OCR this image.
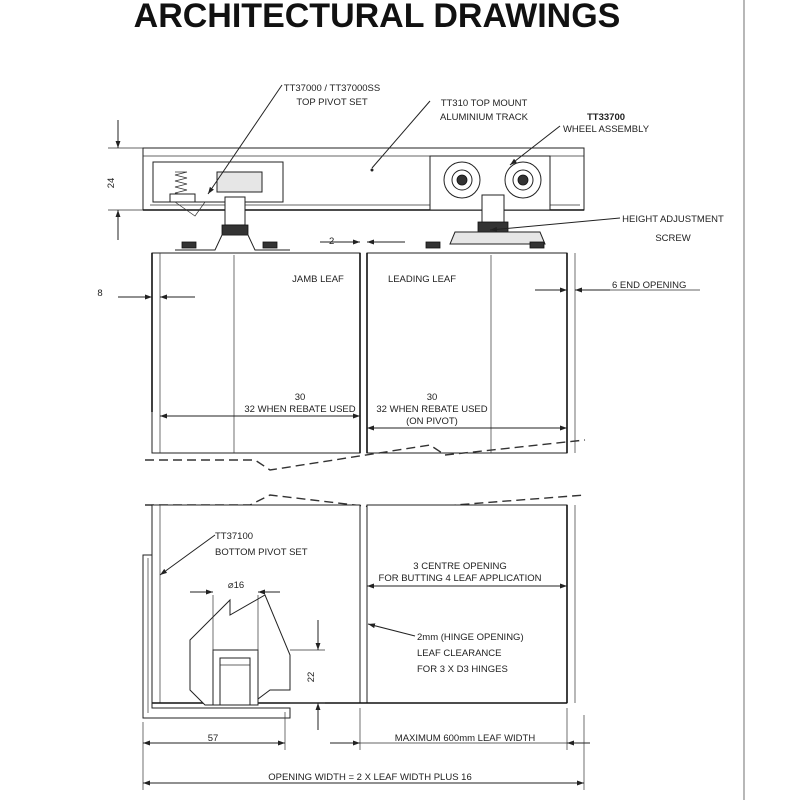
ARCHITECTURAL DRAWINGS
24
8
2
6 END OPENING
30
32 WHEN REBATE USED
30
32 WHEN REBATE USED
(ON PIVOT)
3 CENTRE OPENING
FOR BUTTING 4 LEAF APPLICATION
⌀16
22
57	MAXIMUM 600mm LEAF WIDTH
OPENING WIDTH = 2 X LEAF WIDTH PLUS 16
TT37000 / TT37000SS
TOP PIVOT SET	TT310 TOP MOUNT
ALUMINIUM TRACK	TT33700
WHEEL ASSEMBLY
HEIGHT ADJUSTMENT
SCREW
JAMB LEAF	LEADING LEAF
TT37100
BOTTOM PIVOT SET
2mm (HINGE OPENING)
LEAF CLEARANCE
FOR 3 X D3 HINGES
